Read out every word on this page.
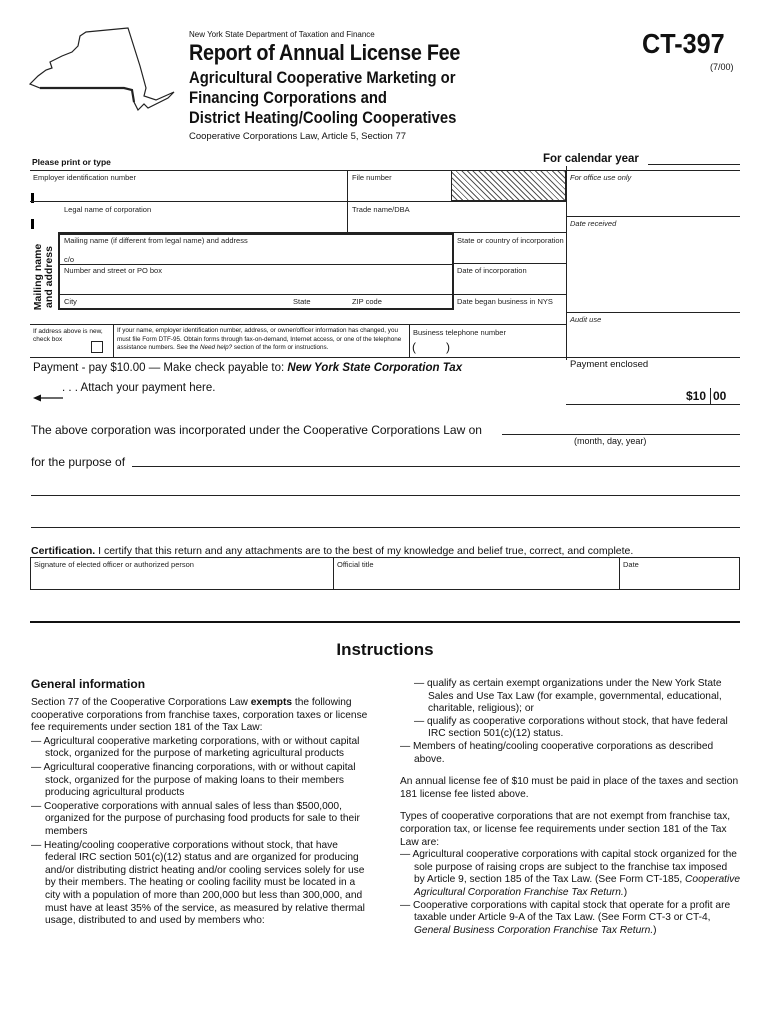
New York State Department of Taxation and Finance
Report of Annual License Fee
Agricultural Cooperative Marketing or
Financing Corporations and
District Heating/Cooling Cooperatives
Cooperative Corporations Law, Article 5, Section 77
CT-397
(7/00)
Please print or type	For calendar year
Employer identification number	File number	For office use only
Legal name of corporation	Trade name/DBA
Date received
Mailing name and address
Mailing name (if different from legal name) and address
c/o
Number and street or PO box
City	State	ZIP code
State or country of incorporation
Date of incorporation
Date began business in NYS
Audit use
If address above is new, check box
If your name, employer identification number, address, or owner/officer information has changed, you must file Form DTF-95. Obtain forms through fax-on-demand, Internet access, or one of the telephone assistance numbers. See the Need help? section of the form or instructions.
Business telephone number
(	)
Payment - pay $10.00 — Make check payable to: New York State Corporation Tax
. . . Attach your payment here.
Payment enclosed
$10 00
The above corporation was incorporated under the Cooperative Corporations Law on
(month, day, year)
for the purpose of
Certification. I certify that this return and any attachments are to the best of my knowledge and belief true, correct, and complete.
Signature of elected officer or authorized person	Official title	Date
Instructions
General information
Section 77 of the Cooperative Corporations Law exempts the following cooperative corporations from franchise taxes, corporation taxes or license fee requirements under section 181 of the Tax Law:
— Agricultural cooperative marketing corporations, with or without capital stock, organized for the purpose of marketing agricultural products
— Agricultural cooperative financing corporations, with or without capital stock, organized for the purpose of making loans to their members producing agricultural products
— Cooperative corporations with annual sales of less than $500,000, organized for the purpose of purchasing food products for sale to their members
— Heating/cooling cooperative corporations without stock, that have federal IRC section 501(c)(12) status and are organized for producing and/or distributing district heating and/or cooling services solely for use by their members. The heating or cooling facility must be located in a city with a population of more than 200,000 but less than 300,000, and must have at least 35% of the service, as measured by relative thermal usage, distributed to and used by members who:
— qualify as certain exempt organizations under the New York State Sales and Use Tax Law (for example, governmental, educational, charitable, religious); or
— qualify as cooperative corporations without stock, that have federal IRC section 501(c)(12) status.
— Members of heating/cooling cooperative corporations as described above.
An annual license fee of $10 must be paid in place of the taxes and section 181 license fee listed above.
Types of cooperative corporations that are not exempt from franchise tax, corporation tax, or license fee requirements under section 181 of the Tax Law are:
— Agricultural cooperative corporations with capital stock organized for the sole purpose of raising crops are subject to the franchise tax imposed by Article 9, section 185 of the Tax Law. (See Form CT-185, Cooperative Agricultural Corporation Franchise Tax Return.)
— Cooperative corporations with capital stock that operate for a profit are taxable under Article 9-A of the Tax Law. (See Form CT-3 or CT-4, General Business Corporation Franchise Tax Return.)
